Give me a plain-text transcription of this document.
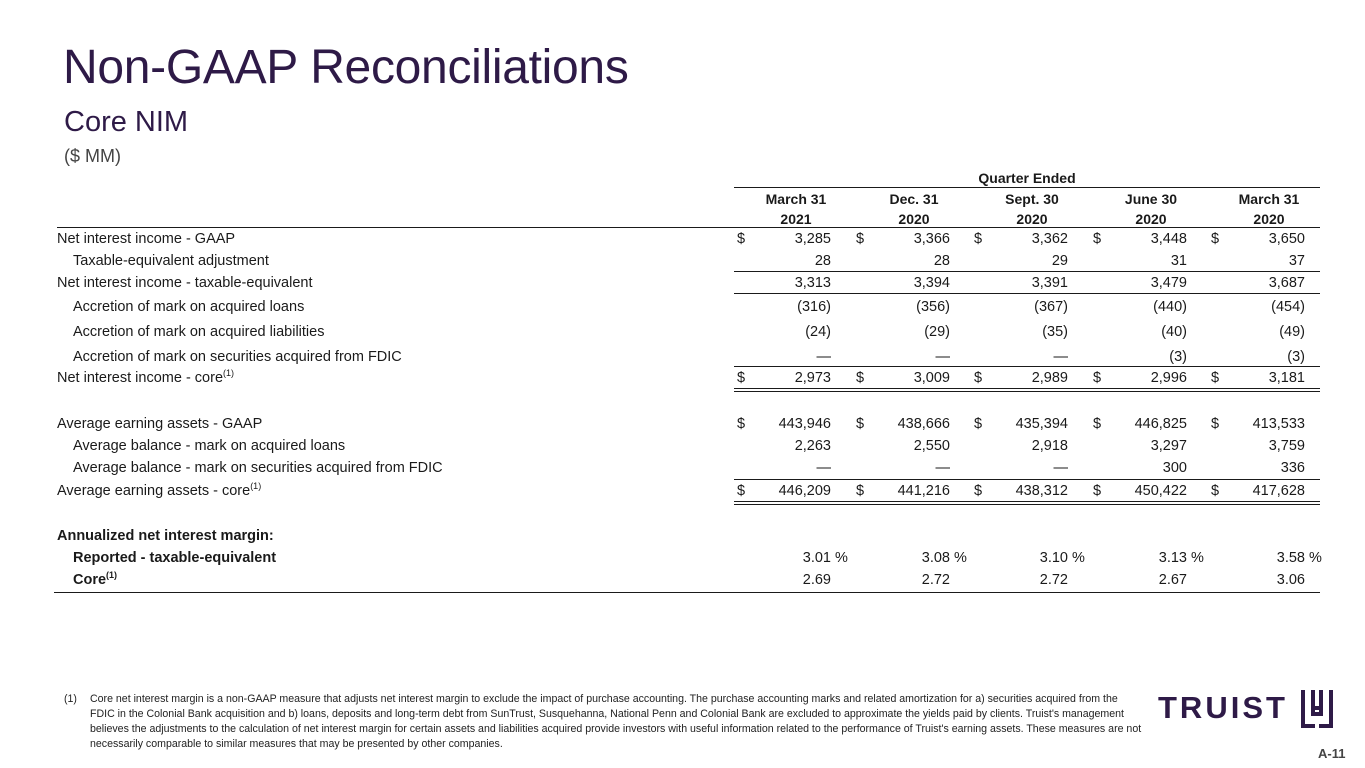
Non-GAAP Reconciliations
Core NIM
($ MM)
Quarter Ended
March 31
2021
Dec. 31
2020
Sept. 30
2020
June 30
2020
March 31
2020
Net interest income - GAAP	$	3,285 $	3,366 $	3,362 $	3,448 $	3,650
Taxable-equivalent adjustment	28	28	29	31	37
Net interest income - taxable-equivalent	3,313	3,394	3,391	3,479	3,687
Accretion of mark on acquired loans	(316)	(356)	(367)	(440)	(454)
Accretion of mark on acquired liabilities	(24)	(29)	(35)	(40)	(49)
Accretion of mark on securities acquired from FDIC	—	—	—	(3)	(3)
Net interest income - core$^{(1)}$	$	2,973 $	3,009 $	2,989 $	2,996 $	3,181
Average earning assets - GAAP	$ 443,946 $ 438,666 $ 435,394 $ 446,825 $ 413,533
Average balance - mark on acquired loans	2,263	2,550	2,918	3,297	3,759
Average balance - mark on securities acquired from FDIC	—	—	—	300	336
Average earning assets - core$^{(1)}$	$ 446,209 $ 441,216 $ 438,312 $ 450,422 $ 417,628
Annualized net interest margin:
Reported - taxable-equivalent	3.01 %	3.08 %	3.10 %	3.13 %	3.58 %
Core$^{(1)}$	2.69	2.72	2.72	2.67	3.06
(1) Core net interest margin is a non-GAAP measure that adjusts net interest margin to exclude the impact of purchase accounting. The purchase accounting marks and related amortization for a) securities acquired from the FDIC in the Colonial Bank acquisition and b) loans, deposits and long-term debt from SunTrust, Susquehanna, National Penn and Colonial Bank are excluded to approximate the yields paid by clients. Truist's management believes the adjustments to the calculation of net interest margin for certain assets and liabilities acquired provide investors with useful information related to the performance of Truist's earning assets. These measures are not necessarily comparable to similar measures that may be presented by other companies.
TRUIST
A-11
